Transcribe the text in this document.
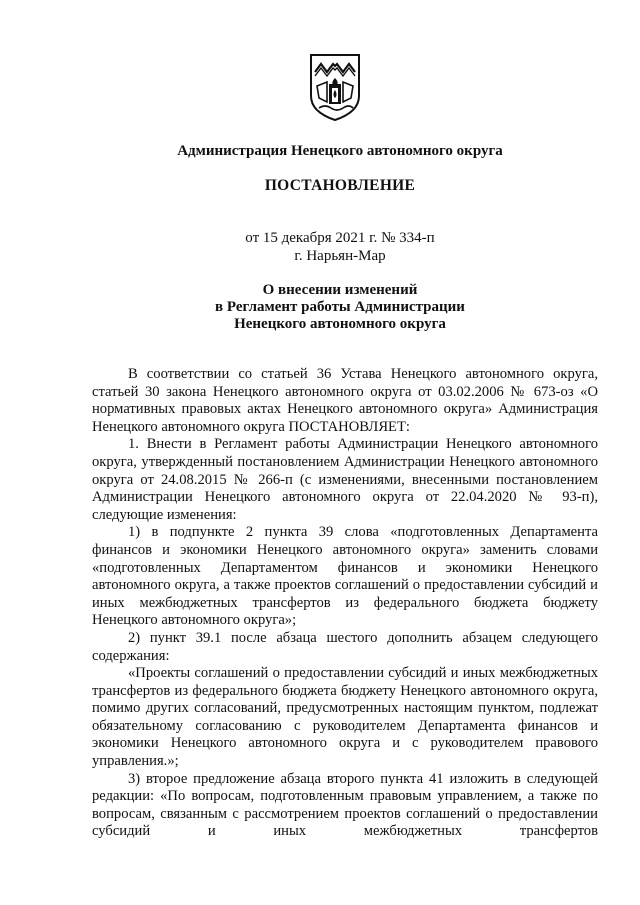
Администрация Ненецкого автономного округа
ПОСТАНОВЛЕНИЕ
от 15 декабря 2021 г. № 334-п
г. Нарьян-Мар
О внесении изменений
в Регламент работы Администрации
Ненецкого автономного округа

В соответствии со статьей 36 Устава Ненецкого автономного округа, статьей 30 закона Ненецкого автономного округа от 03.02.2006 № 673-оз «О нормативных правовых актах Ненецкого автономного округа» Администрация Ненецкого автономного округа ПОСТАНОВЛЯЕТ:

1. Внести в Регламент работы Администрации Ненецкого автономного округа, утвержденный постановлением Администрации Ненецкого автономного округа от 24.08.2015 № 266-п (с изменениями, внесенными постановлением Администрации Ненецкого автономного округа от 22.04.2020 № 93-п), следующие изменения:

1) в подпункте 2 пункта 39 слова «подготовленных Департамента финансов и экономики Ненецкого автономного округа» заменить словами «подготовленных Департаментом финансов и экономики Ненецкого автономного округа, а также проектов соглашений о предоставлении субсидий и иных межбюджетных трансфертов из федерального бюджета бюджету Ненецкого автономного округа»;

2) пункт 39.1 после абзаца шестого дополнить абзацем следующего содержания:

«Проекты соглашений о предоставлении субсидий и иных межбюджетных трансфертов из федерального бюджета бюджету Ненецкого автономного округа, помимо других согласований, предусмотренных настоящим пунктом, подлежат обязательному согласованию с руководителем Департамента финансов и экономики Ненецкого автономного округа и с руководителем правового управления.»;

3) второе предложение абзаца второго пункта 41 изложить в следующей редакции: «По вопросам, подготовленным правовым управлением, а также по вопросам, связанным с рассмотрением проектов соглашений о предоставлении субсидий и иных межбюджетных трансфертов
